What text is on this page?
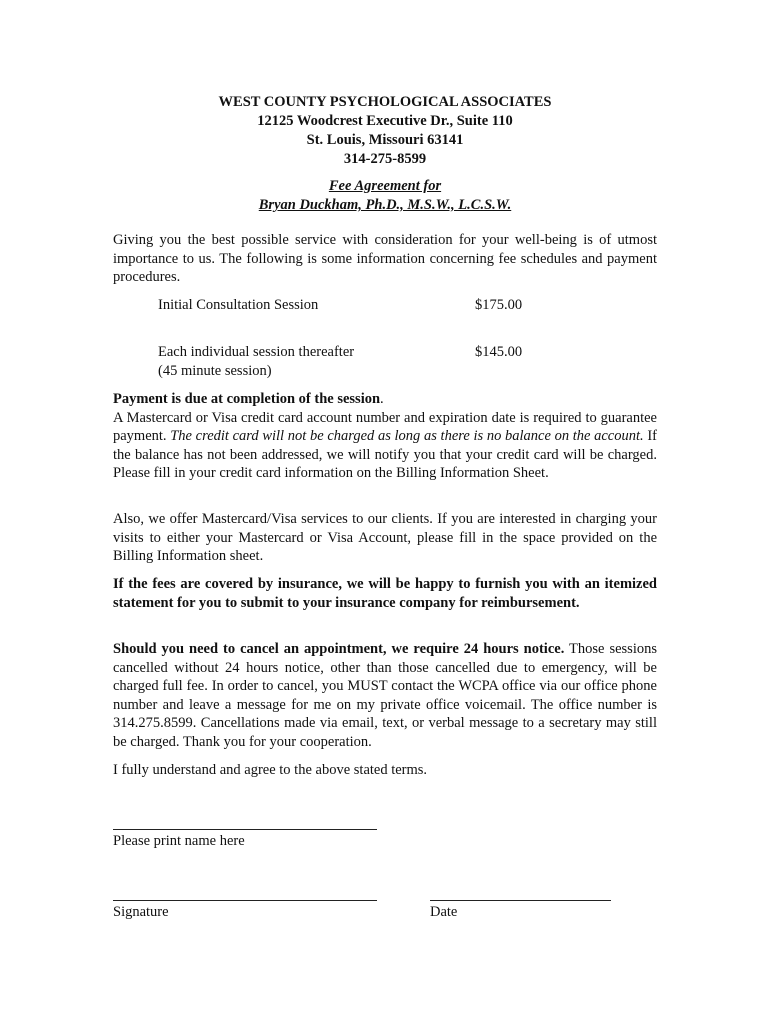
WEST COUNTY PSYCHOLOGICAL ASSOCIATES
12125 Woodcrest Executive Dr., Suite 110
St. Louis, Missouri 63141
314-275-8599
Fee Agreement for
Bryan Duckham, Ph.D., M.S.W., L.C.S.W.

Giving you the best possible service with consideration for your well-being is of utmost importance to us. The following is some information concerning fee schedules and payment procedures.

Initial Consultation Session	$175.00
Each individual session thereafter	$145.00
(45 minute session)

Payment is due at completion of the session.

A Mastercard or Visa credit card account number and expiration date is required to guarantee payment. The credit card will not be charged as long as there is no balance on the account. If the balance has not been addressed, we will notify you that your credit card will be charged. Please fill in your credit card information on the Billing Information Sheet.

Also, we offer Mastercard/Visa services to our clients. If you are interested in charging your visits to either your Mastercard or Visa Account, please fill in the space provided on the Billing Information sheet.

If the fees are covered by insurance, we will be happy to furnish you with an itemized statement for you to submit to your insurance company for reimbursement.

Should you need to cancel an appointment, we require 24 hours notice. Those sessions cancelled without 24 hours notice, other than those cancelled due to emergency, will be charged full fee. In order to cancel, you MUST contact the WCPA office via our office phone number and leave a message for me on my private office voicemail. The office number is 314.275.8599. Cancellations made via email, text, or verbal message to a secretary may still be charged. Thank you for your cooperation.

I fully understand and agree to the above stated terms.

Please print name here
Signature	Date
